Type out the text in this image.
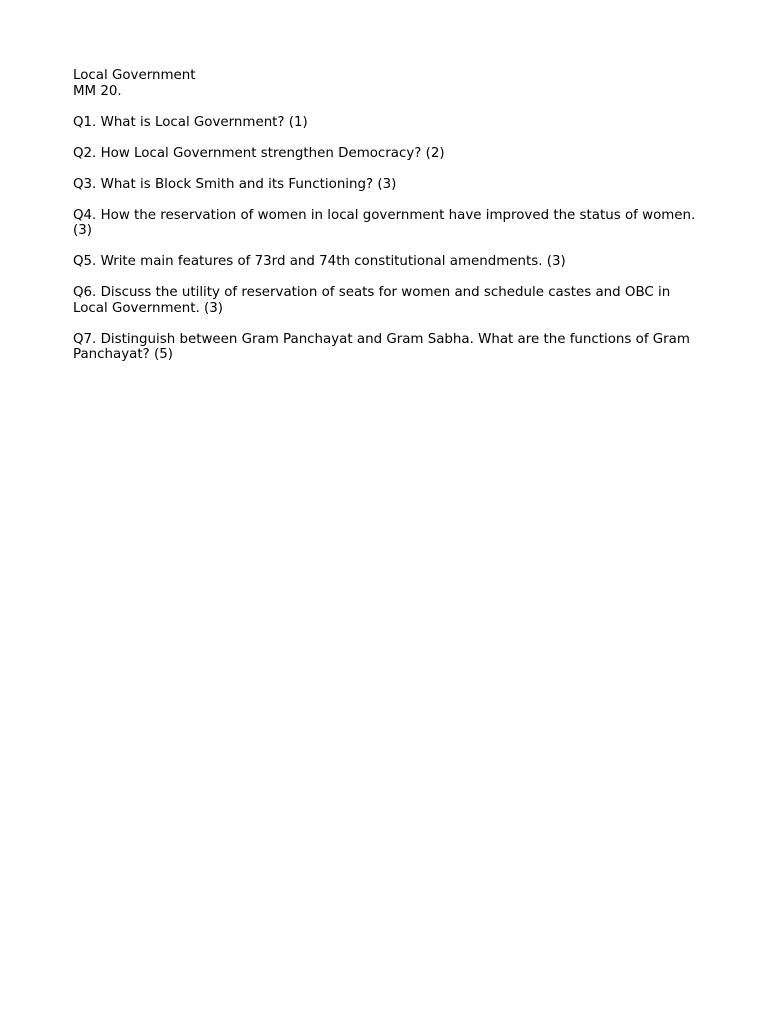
Local Government
MM 20.
Q1. What is Local Government? (1)
Q2. How Local Government strengthen Democracy? (2)
Q3. What is Block Smith and its Functioning? (3)
Q4. How the reservation of women in local government have improved the status of women. (3)
Q5. Write main features of 73rd and 74th constitutional amendments. (3)
Q6. Discuss the utility of reservation of seats for women and schedule castes and OBC in Local Government. (3)
Q7. Distinguish between Gram Panchayat and Gram Sabha. What are the functions of Gram Panchayat? (5)
